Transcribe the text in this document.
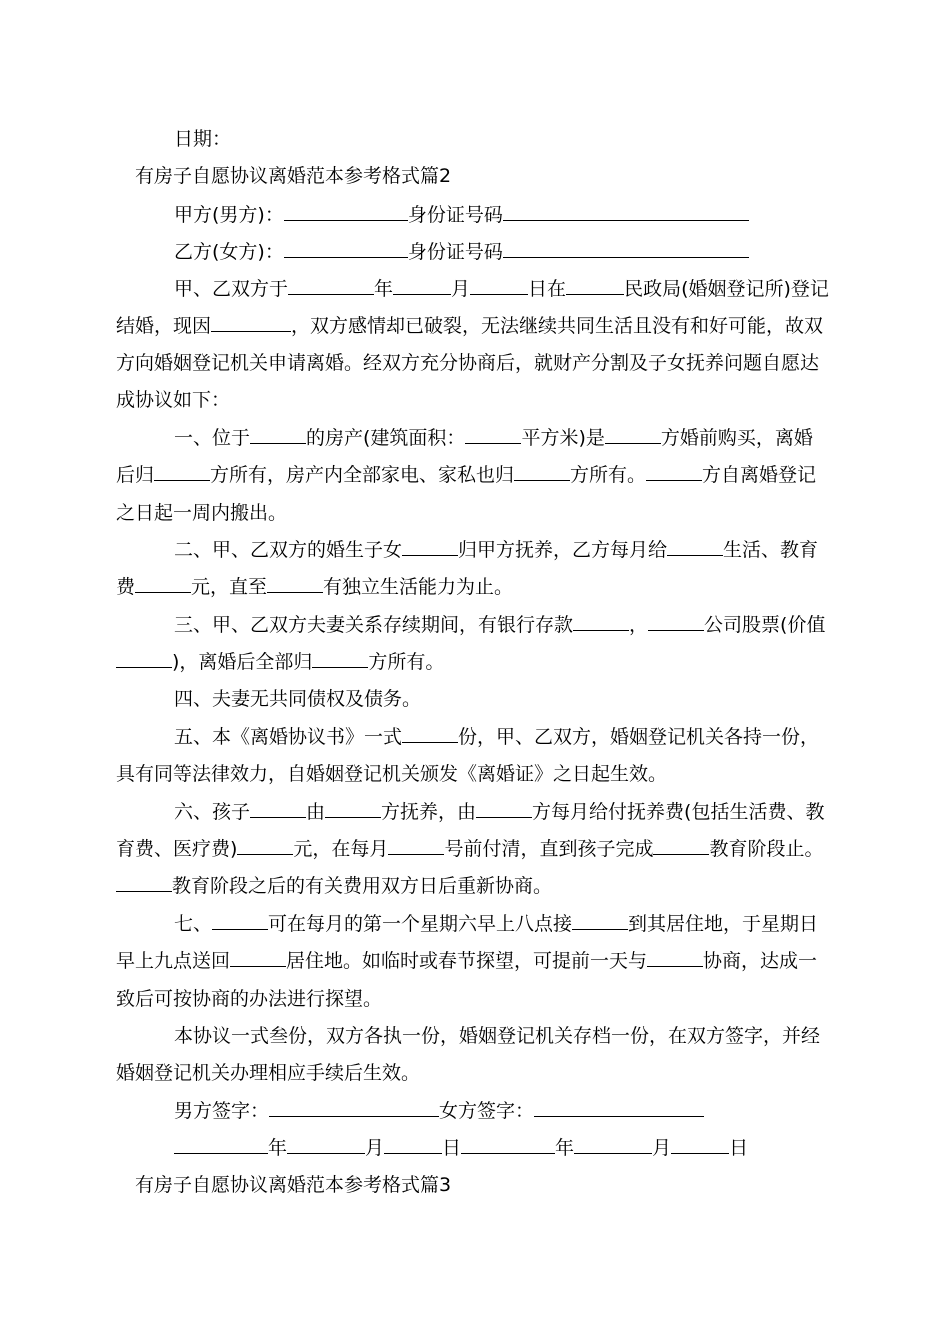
日期：
有房子自愿协议离婚范本参考格式篇2
甲方(男方)：	身份证号码
乙方(女方)：	身份证号码
甲、乙双方于	年	月	日在	民政局(婚姻登记所)登记
结婚，现因	，双方感情却已破裂，无法继续共同生活且没有和好可能，故双
方向婚姻登记机关申请离婚。经双方充分协商后，就财产分割及子女抚养问题自愿达
成协议如下：
一、位于	的房产(建筑面积：	平方米)是	方婚前购买，离婚
后归	方所有，房产内全部家电、家私也归	方所有。	方自离婚登记
之日起一周内搬出。
二、甲、乙双方的婚生子女	归甲方抚养，乙方每月给	生活、教育
费	元，直至	有独立生活能力为止。
三、甲、乙双方夫妻关系存续期间，有银行存款	，	公司股票(价值
)，离婚后全部归	方所有。
四、夫妻无共同债权及债务。
五、本《离婚协议书》一式	份，甲、乙双方，婚姻登记机关各持一份，
具有同等法律效力，自婚姻登记机关颁发《离婚证》之日起生效。
六、孩子	由	方抚养，由	方每月给付抚养费(包括生活费、教
育费、医疗费)	元，在每月	号前付清，直到孩子完成	教育阶段止。
教育阶段之后的有关费用双方日后重新协商。
七、	可在每月的第一个星期六早上八点接	到其居住地，于星期日
早上九点送回	居住地。如临时或春节探望，可提前一天与	协商，达成一
致后可按协商的办法进行探望。
本协议一式叁份，双方各执一份，婚姻登记机关存档一份，在双方签字，并经
婚姻登记机关办理相应手续后生效。
男方签字：	女方签字：
年	月	日	年	月	日
有房子自愿协议离婚范本参考格式篇3
